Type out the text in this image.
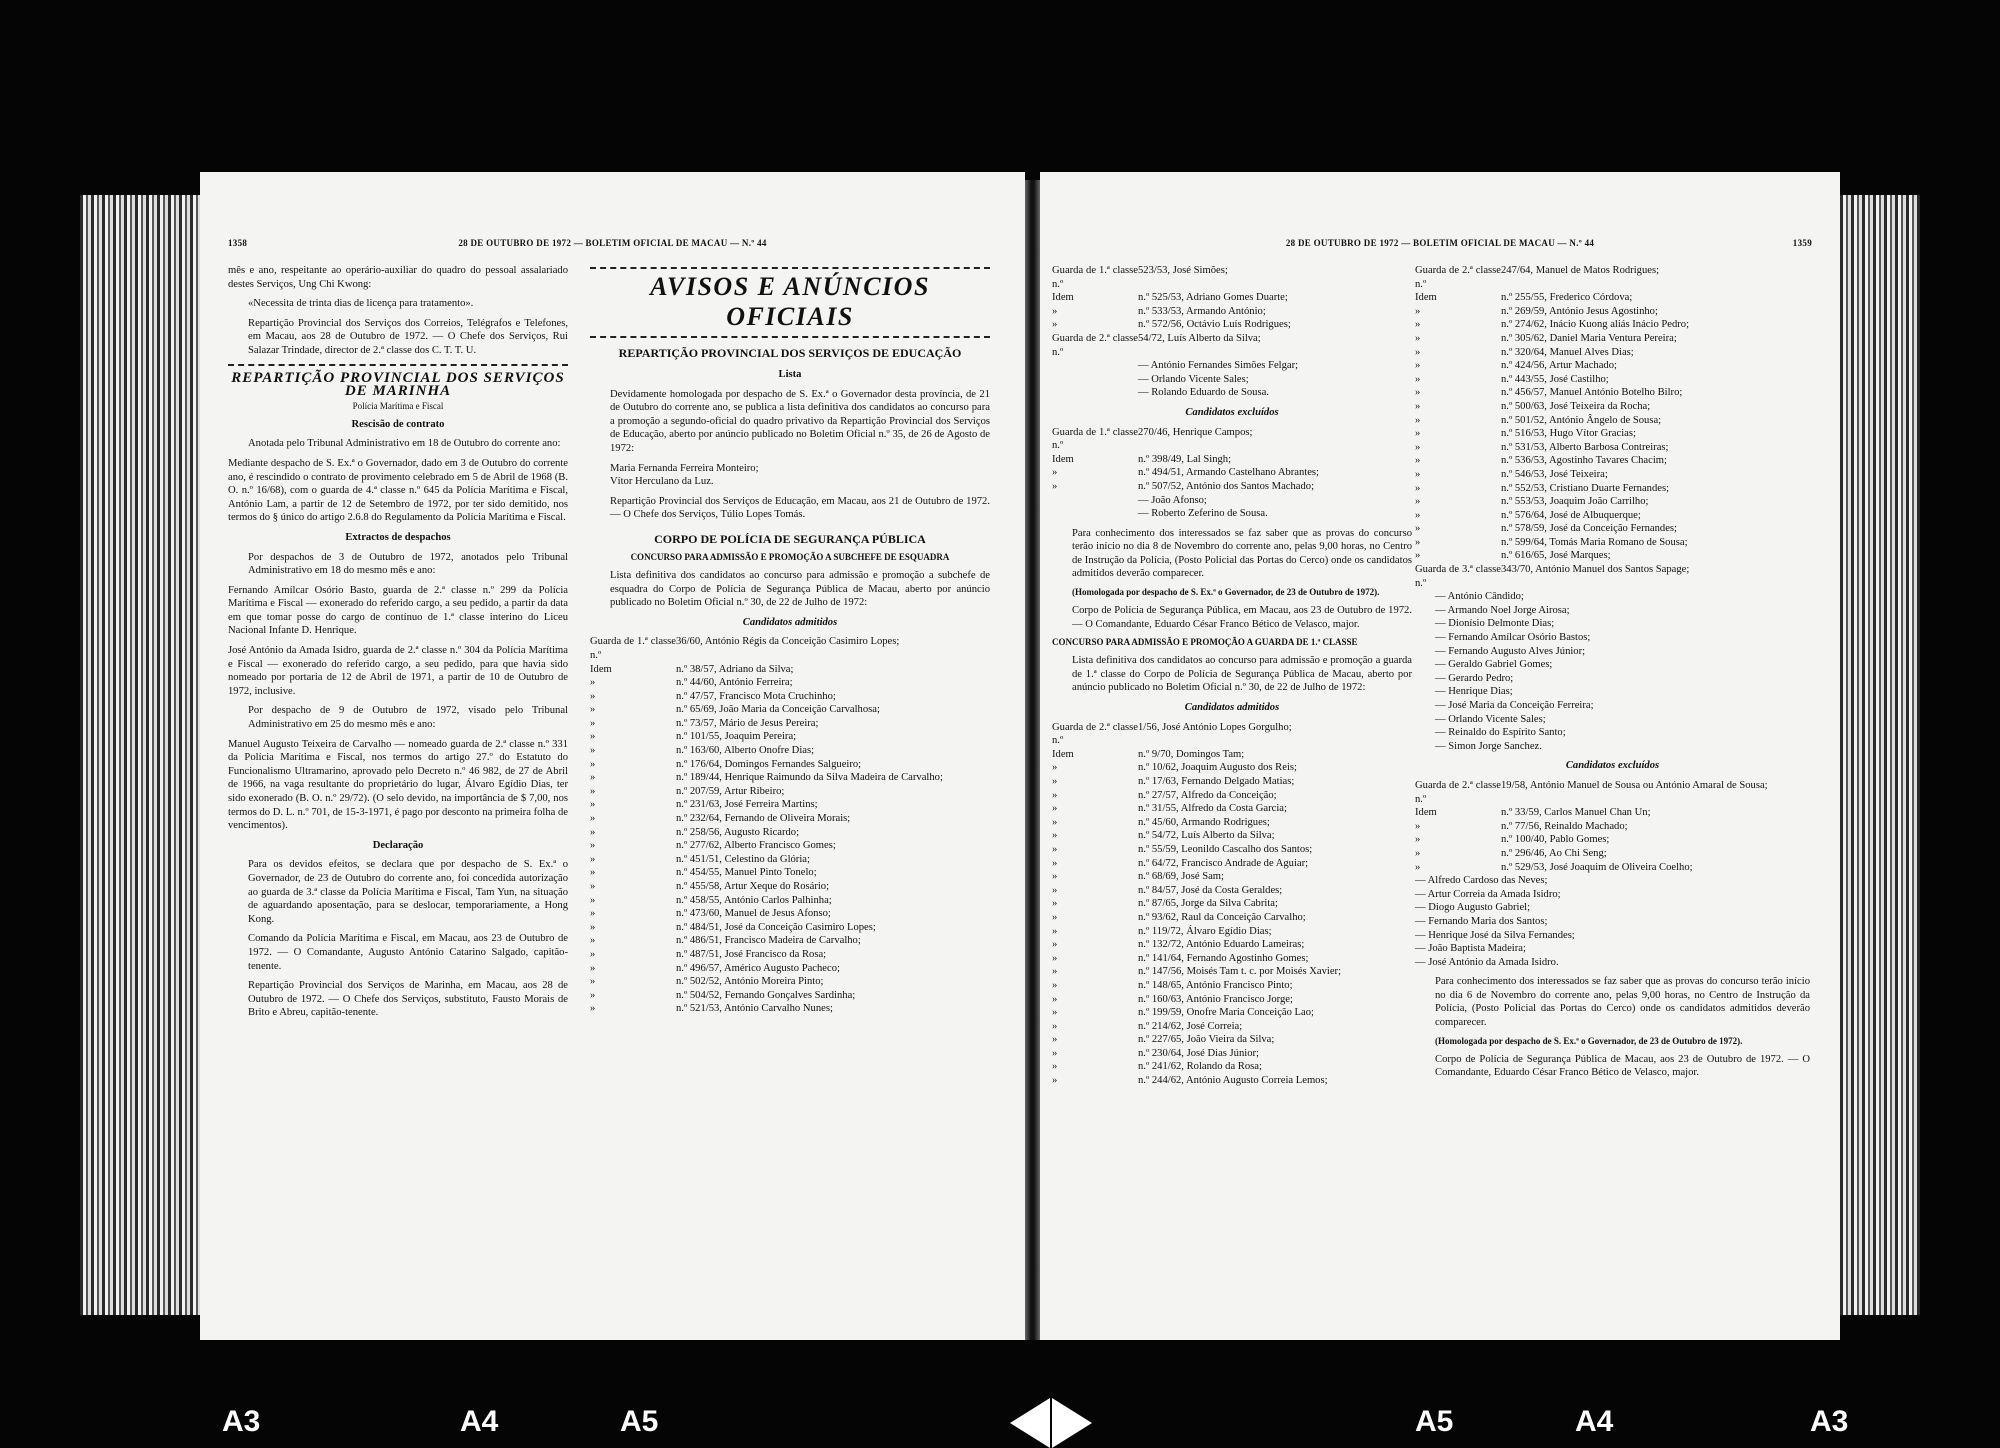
1358	28 DE OUTUBRO DE 1972 — BOLETIM OFICIAL DE MACAU — N.º 44

mês e ano, respeitante ao operário-auxiliar do quadro do pessoal assalariado destes Serviços, Ung Chi Kwong:

«Necessita de trinta dias de licença para tratamento».

Repartição Provincial dos Serviços dos Correios, Telégrafos e Telefones, em Macau, aos 28 de Outubro de 1972. — O Chefe dos Serviços, Rui Salazar Trindade, director de 2.ª classe dos C. T. T. U.

REPARTIÇÃO PROVINCIAL DOS SERVIÇOS DE MARINHA
Polícia Marítima e Fiscal

Rescisão de contrato

Anotada pelo Tribunal Administrativo em 18 de Outubro do corrente ano:

Mediante despacho de S. Ex.ª o Governador, dado em 3 de Outubro do corrente ano, é rescindido o contrato de provimento celebrado em 5 de Abril de 1968 (B. O. n.º 16/68), com o guarda de 4.ª classe n.º 645 da Polícia Marítima e Fiscal, António Lam, a partir de 12 de Setembro de 1972, por ter sido demitido, nos termos do § único do artigo 2.6.8 do Regulamento da Polícia Marítima e Fiscal.

Extractos de despachos

Por despachos de 3 de Outubro de 1972, anotados pelo Tribunal Administrativo em 18 do mesmo mês e ano:

Fernando Amílcar Osório Basto, guarda de 2.ª classe n.º 299 da Polícia Marítima e Fiscal — exonerado do referido cargo, a seu pedido, a partir da data em que tomar posse do cargo de contínuo de 1.ª classe interino do Liceu Nacional Infante D. Henrique.

José António da Amada Isidro, guarda de 2.ª classe n.º 304 da Polícia Marítima e Fiscal — exonerado do referido cargo, a seu pedido, para que havia sido nomeado por portaria de 12 de Abril de 1971, a partir de 10 de Outubro de 1972, inclusive.

Por despacho de 9 de Outubro de 1972, visado pelo Tribunal Administrativo em 25 do mesmo mês e ano:

Manuel Augusto Teixeira de Carvalho — nomeado guarda de 2.ª classe n.º 331 da Polícia Marítima e Fiscal, nos termos do artigo 27.º do Estatuto do Funcionalismo Ultramarino, aprovado pelo Decreto n.º 46 982, de 27 de Abril de 1966, na vaga resultante do proprietário do lugar, Álvaro Egídio Dias, ter sido exonerado (B. O. n.º 29/72). (O selo devido, na importância de $ 7,00, nos termos do D. L. n.º 701, de 15-3-1971, é pago por desconto na primeira folha de vencimentos).

Declaração

Para os devidos efeitos, se declara que por despacho de S. Ex.ª o Governador, de 23 de Outubro do corrente ano, foi concedida autorização ao guarda de 3.ª classe da Polícia Marítima e Fiscal, Tam Yun, na situação de aguardando aposentação, para se deslocar, temporariamente, a Hong Kong.

Comando da Polícia Marítima e Fiscal, em Macau, aos 23 de Outubro de 1972. — O Comandante, Augusto António Catarino Salgado, capitão-tenente.

Repartição Provincial dos Serviços de Marinha, em Macau, aos 28 de Outubro de 1972. — O Chefe dos Serviços, substituto, Fausto Morais de Brito e Abreu, capitão-tenente.

AVISOS E ANÚNCIOS OFICIAIS
REPARTIÇÃO PROVINCIAL DOS SERVIÇOS DE EDUCAÇÃO

Lista

Devidamente homologada por despacho de S. Ex.ª o Governador desta província, de 21 de Outubro do corrente ano, se publica a lista definitiva dos candidatos ao concurso para a promoção a segundo-oficial do quadro privativo da Repartição Provincial dos Serviços de Educação, aberto por anúncio publicado no Boletim Oficial n.º 35, de 26 de Agosto de 1972:

Maria Fernanda Ferreira Monteiro;

Vítor Herculano da Luz.

Repartição Provincial dos Serviços de Educação, em Macau, aos 21 de Outubro de 1972. — O Chefe dos Serviços, Túlio Lopes Tomás.

CORPO DE POLÍCIA DE SEGURANÇA PÚBLICA

CONCURSO PARA ADMISSÃO E PROMOÇÃO A SUBCHEFE DE ESQUADRA

Lista definitiva dos candidatos ao concurso para admissão e promoção a subchefe de esquadra do Corpo de Polícia de Segurança Pública de Macau, aberto por anúncio publicado no Boletim Oficial n.º 30, de 22 de Julho de 1972:

Candidatos admitidos

Guarda de 1.ª classe n.º
36/60, António Régis da Conceição Casimiro Lopes;
Idem	n.º 38/57, Adriano da Silva;
»	n.º 44/60, António Ferreira;
»	n.º 47/57, Francisco Mota Cruchinho;
»	n.º 65/69, João Maria da Conceição Carvalhosa;
»	n.º 73/57, Mário de Jesus Pereira;
»	n.º 101/55, Joaquim Pereira;
»	n.º 163/60, Alberto Onofre Dias;
»	n.º 176/64, Domingos Fernandes Salgueiro;
»	n.º 189/44, Henrique Raimundo da Silva Madeira de Carvalho;
»	n.º 207/59, Artur Ribeiro;
»	n.º 231/63, José Ferreira Martins;
»	n.º 232/64, Fernando de Oliveira Morais;
»	n.º 258/56, Augusto Ricardo;
»	n.º 277/62, Alberto Francisco Gomes;
»	n.º 451/51, Celestino da Glória;
»	n.º 454/55, Manuel Pinto Tonelo;
»	n.º 455/58, Artur Xeque do Rosário;
»	n.º 458/55, António Carlos Palhinha;
»	n.º 473/60, Manuel de Jesus Afonso;
»	n.º 484/51, José da Conceição Casimiro Lopes;
»	n.º 486/51, Francisco Madeira de Carvalho;
»	n.º 487/51, José Francisco da Rosa;
»	n.º 496/57, Américo Augusto Pacheco;
»	n.º 502/52, António Moreira Pinto;
»	n.º 504/52, Fernando Gonçalves Sardinha;
»	n.º 521/53, António Carvalho Nunes;
28 DE OUTUBRO DE 1972 — BOLETIM OFICIAL DE MACAU — N.º 44	1359
Guarda de 1.ª classe n.º
523/53, José Simões;
Idem	n.º 525/53, Adriano Gomes Duarte;
»	n.º 533/53, Armando António;
»	n.º 572/56, Octávio Luís Rodrigues;
Guarda de 2.ª classe n.º
54/72, Luís Alberto da Silva;
— António Fernandes Simões Felgar;
— Orlando Vicente Sales;
— Rolando Eduardo de Sousa.

Candidatos excluídos

Guarda de 1.ª classe n.º
270/46, Henrique Campos;
Idem	n.º 398/49, Lal Singh;
»	n.º 494/51, Armando Castelhano Abrantes;
»	n.º 507/52, António dos Santos Machado;
— João Afonso;
— Roberto Zeferino de Sousa.

Para conhecimento dos interessados se faz saber que as provas do concurso terão início no dia 8 de Novembro do corrente ano, pelas 9,00 horas, no Centro de Instrução da Polícia, (Posto Policial das Portas do Cerco) onde os candidatos admitidos deverão comparecer.

(Homologada por despacho de S. Ex.ª o Governador, de 23 de Outubro de 1972).

Corpo de Polícia de Segurança Pública, em Macau, aos 23 de Outubro de 1972. — O Comandante, Eduardo César Franco Bético de Velasco, major.

CONCURSO PARA ADMISSÃO E PROMOÇÃO A GUARDA DE 1.ª CLASSE

Lista definitiva dos candidatos ao concurso para admissão e promoção a guarda de 1.ª classe do Corpo de Polícia de Segurança Pública de Macau, aberto por anúncio publicado no Boletim Oficial n.º 30, de 22 de Julho de 1972:

Candidatos admitidos

Guarda de 2.ª classe n.º
1/56, José António Lopes Gorgulho;
Idem	n.º 9/70, Domingos Tam;
»	n.º 10/62, Joaquim Augusto dos Reis;
»	n.º 17/63, Fernando Delgado Matias;
»	n.º 27/57, Alfredo da Conceição;
»	n.º 31/55, Alfredo da Costa Garcia;
»	n.º 45/60, Armando Rodrigues;
»	n.º 54/72, Luís Alberto da Silva;
»	n.º 55/59, Leonildo Cascalho dos Santos;
»	n.º 64/72, Francisco Andrade de Aguiar;
»	n.º 68/69, José Sam;
»	n.º 84/57, José da Costa Geraldes;
»	n.º 87/65, Jorge da Silva Cabrita;
»	n.º 93/62, Raul da Conceição Carvalho;
»	n.º 119/72, Álvaro Egídio Dias;
»	n.º 132/72, António Eduardo Lameiras;
»	n.º 141/64, Fernando Agostinho Gomes;
»	n.º 147/56, Moisés Tam t. c. por Moisés Xavier;
»	n.º 148/65, António Francisco Pinto;
»	n.º 160/63, António Francisco Jorge;
»	n.º 199/59, Onofre Maria Conceição Lao;
»	n.º 214/62, José Correia;
»	n.º 227/65, João Vieira da Silva;
»	n.º 230/64, José Dias Júnior;
»	n.º 241/62, Rolando da Rosa;
»	n.º 244/62, António Augusto Correia Lemos;
Guarda de 2.ª classe n.º
247/64, Manuel de Matos Rodrigues;
Idem	n.º 255/55, Frederico Córdova;
»	n.º 269/59, António Jesus Agostinho;
»	n.º 274/62, Inácio Kuong aliás Inácio Pedro;
»	n.º 305/62, Daniel Maria Ventura Pereira;
»	n.º 320/64, Manuel Alves Dias;
»	n.º 424/56, Artur Machado;
»	n.º 443/55, José Castilho;
»	n.º 456/57, Manuel António Botelho Bilro;
»	n.º 500/63, José Teixeira da Rocha;
»	n.º 501/52, António Ângelo de Sousa;
»	n.º 516/53, Hugo Vítor Gracias;
»	n.º 531/53, Alberto Barbosa Contreiras;
»	n.º 536/53, Agostinho Tavares Chacim;
»	n.º 546/53, José Teixeira;
»	n.º 552/53, Cristiano Duarte Fernandes;
»	n.º 553/53, Joaquim João Carrilho;
»	n.º 576/64, José de Albuquerque;
»	n.º 578/59, José da Conceição Fernandes;
»	n.º 599/64, Tomás Maria Romano de Sousa;
»	n.º 616/65, José Marques;
Guarda de 3.ª classe n.º
343/70, António Manuel dos Santos Sapage;
— António Cândido;
— Armando Noel Jorge Airosa;
— Dionísio Delmonte Dias;
— Fernando Amílcar Osório Bastos;
— Fernando Augusto Alves Júnior;
— Geraldo Gabriel Gomes;
— Gerardo Pedro;
— Henrique Dias;
— José Maria da Conceição Ferreira;
— Orlando Vicente Sales;
— Reinaldo do Espírito Santo;
— Simon Jorge Sanchez.

Candidatos excluídos

Guarda de 2.ª classe n.º
19/58, António Manuel de Sousa ou António Amaral de Sousa;
Idem	n.º 33/59, Carlos Manuel Chan Un;
»	n.º 77/56, Reinaldo Machado;
»	n.º 100/40, Pablo Gomes;
»	n.º 296/46, Ao Chi Seng;
»	n.º 529/53, José Joaquim de Oliveira Coelho;
— Alfredo Cardoso das Neves;
— Artur Correia da Amada Isidro;
— Diogo Augusto Gabriel;
— Fernando Maria dos Santos;
— Henrique José da Silva Fernandes;
— João Baptista Madeira;
— José António da Amada Isidro.

Para conhecimento dos interessados se faz saber que as provas do concurso terão início no dia 6 de Novembro do corrente ano, pelas 9,00 horas, no Centro de Instrução da Polícia, (Posto Policial das Portas do Cerco) onde os candidatos admitidos deverão comparecer.

(Homologada por despacho de S. Ex.ª o Governador, de 23 de Outubro de 1972).

Corpo de Polícia de Segurança Pública de Macau, aos 23 de Outubro de 1972. — O Comandante, Eduardo César Franco Bético de Velasco, major.

A3	A4	A5	A5	A4	A3
